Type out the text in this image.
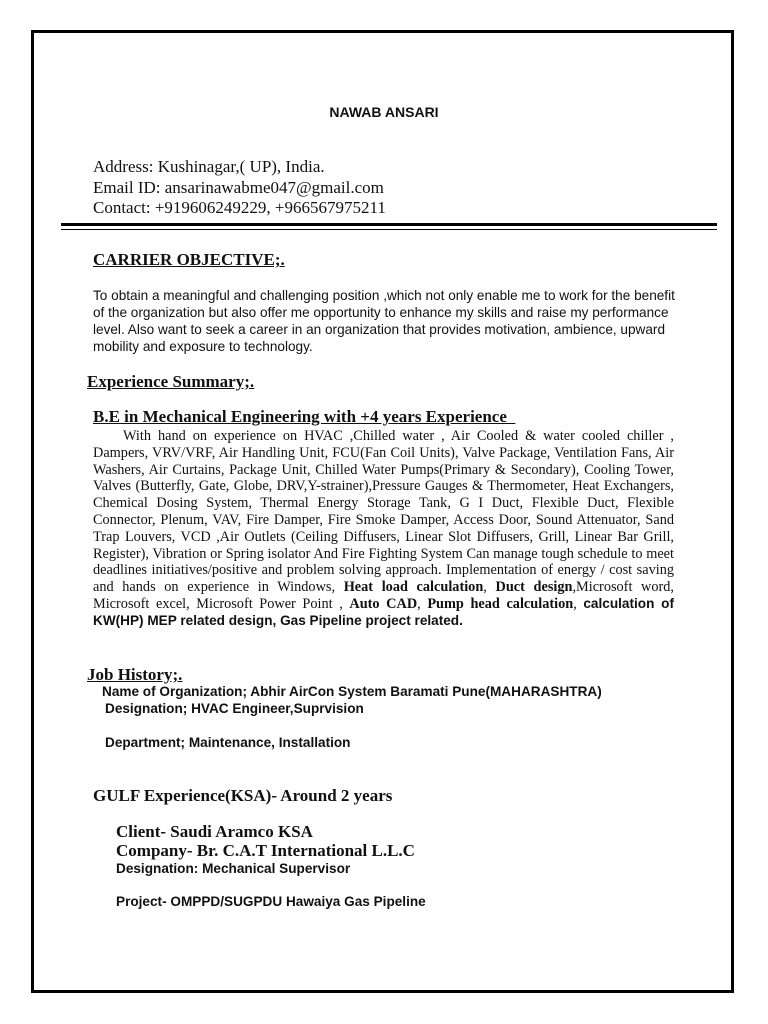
NAWAB ANSARI
Address: Kushinagar,( UP), India.
Email ID: ansarinawabme047@gmail.com
Contact: +919606249229, +966567975211
CARRIER OBJECTIVE;.
To obtain a meaningful and challenging position ,which not only enable me to work for the benefit of the organization but also offer me opportunity to enhance my skills and raise my performance level. Also want to seek a career in an organization that provides motivation, ambience, upward mobility and exposure to technology.
Experience Summary;.
B.E in Mechanical Engineering with +4 years Experience

With hand on experience on HVAC ,Chilled water , Air Cooled & water cooled chiller , Dampers, VRV/VRF, Air Handling Unit, FCU(Fan Coil Units), Valve Package, Ventilation Fans, Air Washers, Air Curtains, Package Unit, Chilled Water Pumps(Primary & Secondary), Cooling Tower, Valves (Butterfly, Gate, Globe, DRV,Y-strainer),Pressure Gauges & Thermometer, Heat Exchangers, Chemical Dosing System, Thermal Energy Storage Tank, G I Duct, Flexible Duct, Flexible Connector, Plenum, VAV, Fire Damper, Fire Smoke Damper, Access Door, Sound Attenuator, Sand Trap Louvers, VCD ,Air Outlets (Ceiling Diffusers, Linear Slot Diffusers, Grill, Linear Bar Grill, Register), Vibration or Spring isolator And Fire Fighting System Can manage tough schedule to meet deadlines initiatives/positive and problem solving approach. Implementation of energy / cost saving and hands on experience in Windows, Heat load calculation, Duct design,Microsoft word, Microsoft excel, Microsoft Power Point , Auto CAD, Pump head calculation, calculation of KW(HP) MEP related design, Gas Pipeline project related.

Job History;.
Name of Organization; Abhir AirCon System Baramati Pune(MAHARASHTRA)
Designation; HVAC Engineer,Suprvision
Department; Maintenance, Installation
GULF Experience(KSA)- Around 2 years
Client- Saudi Aramco KSA
Company- Br. C.A.T International L.L.C
Designation: Mechanical Supervisor
Project- OMPPD/SUGPDU Hawaiya Gas Pipeline
